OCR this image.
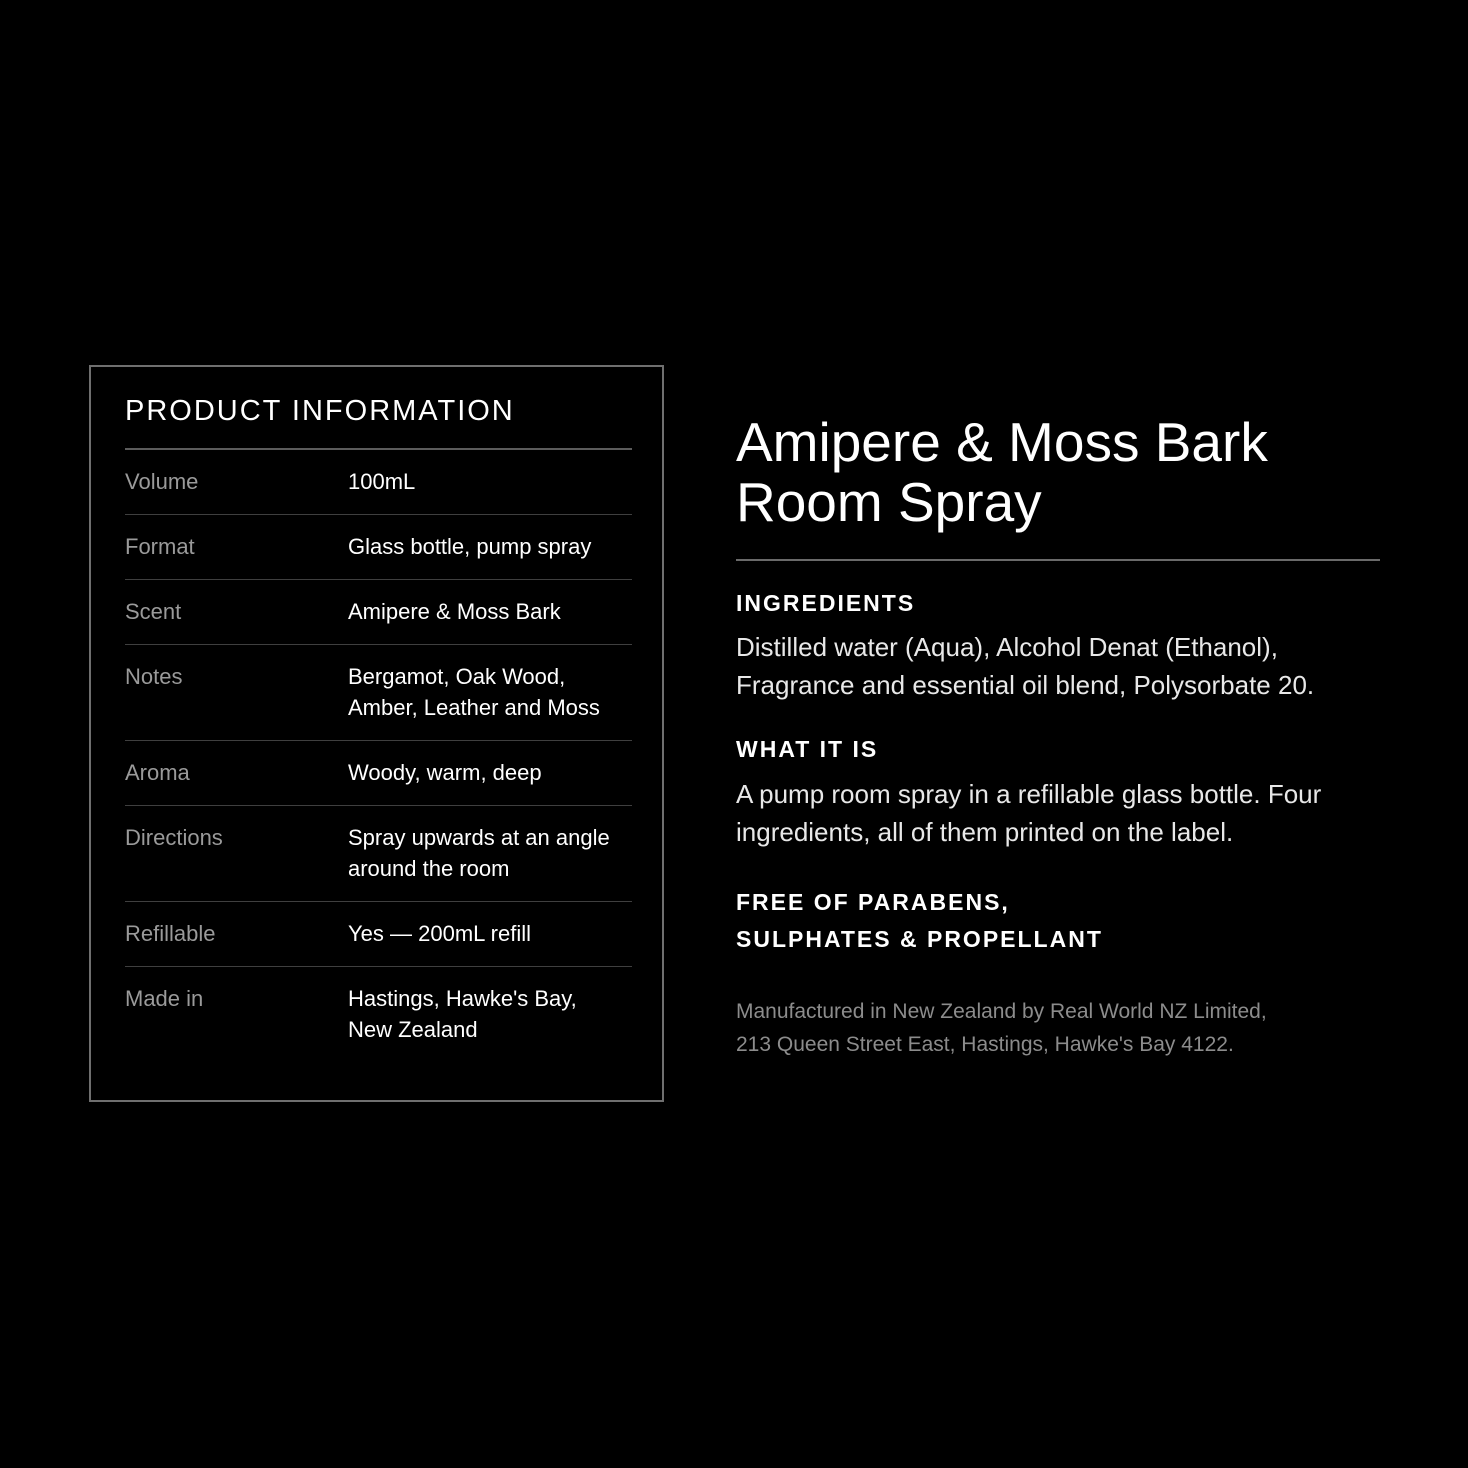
PRODUCT INFORMATION
Volume	100mL
Format	Glass bottle, pump spray
Scent	Amipere & Moss Bark
Notes	Bergamot, Oak Wood, Amber, Leather and Moss
Aroma	Woody, warm, deep
Directions	Spray upwards at an angle around the room
Refillable	Yes — 200mL refill
Made in	Hastings, Hawke's Bay, New Zealand
Amipere & Moss Bark
Room Spray
INGREDIENTS

Distilled water (Aqua), Alcohol Denat (Ethanol),
Fragrance and essential oil blend, Polysorbate 20.

WHAT IT IS

A pump room spray in a refillable glass bottle. Four
ingredients, all of them printed on the label.

FREE OF PARABENS,
SULPHATES & PROPELLANT

Manufactured in New Zealand by Real World NZ Limited,
213 Queen Street East, Hastings, Hawke's Bay 4122.
